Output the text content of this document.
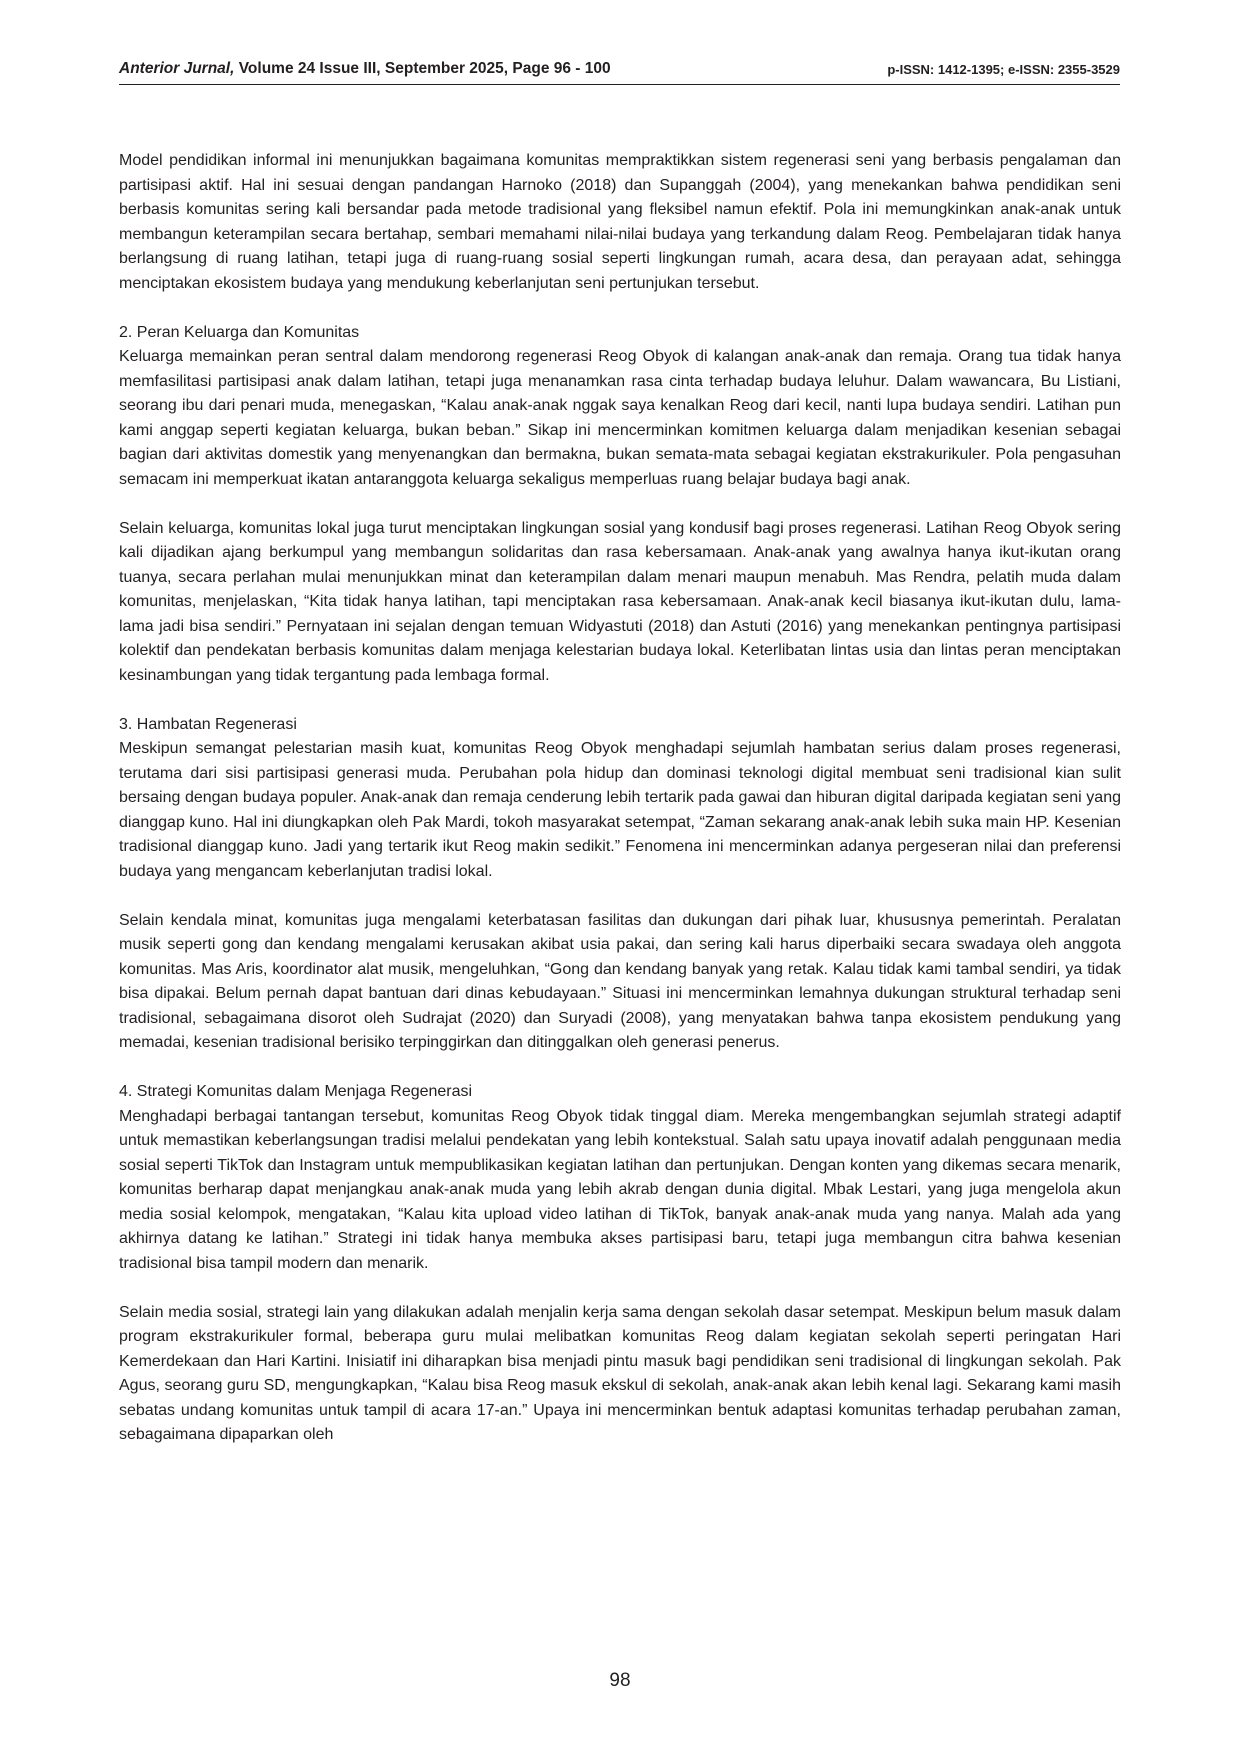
Anterior Jurnal, Volume 24 Issue III, September 2025, Page 96 - 100	p-ISSN: 1412-1395; e-ISSN: 2355-3529

Model pendidikan informal ini menunjukkan bagaimana komunitas mempraktikkan sistem regenerasi seni yang berbasis pengalaman dan partisipasi aktif. Hal ini sesuai dengan pandangan Harnoko (2018) dan Supanggah (2004), yang menekankan bahwa pendidikan seni berbasis komunitas sering kali bersandar pada metode tradisional yang fleksibel namun efektif. Pola ini memungkinkan anak-anak untuk membangun keterampilan secara bertahap, sembari memahami nilai-nilai budaya yang terkandung dalam Reog. Pembelajaran tidak hanya berlangsung di ruang latihan, tetapi juga di ruang-ruang sosial seperti lingkungan rumah, acara desa, dan perayaan adat, sehingga menciptakan ekosistem budaya yang mendukung keberlanjutan seni pertunjukan tersebut.

2. Peran Keluarga dan Komunitas

Keluarga memainkan peran sentral dalam mendorong regenerasi Reog Obyok di kalangan anak-anak dan remaja. Orang tua tidak hanya memfasilitasi partisipasi anak dalam latihan, tetapi juga menanamkan rasa cinta terhadap budaya leluhur. Dalam wawancara, Bu Listiani, seorang ibu dari penari muda, menegaskan, “Kalau anak-anak nggak saya kenalkan Reog dari kecil, nanti lupa budaya sendiri. Latihan pun kami anggap seperti kegiatan keluarga, bukan beban.” Sikap ini mencerminkan komitmen keluarga dalam menjadikan kesenian sebagai bagian dari aktivitas domestik yang menyenangkan dan bermakna, bukan semata-mata sebagai kegiatan ekstrakurikuler. Pola pengasuhan semacam ini memperkuat ikatan antaranggota keluarga sekaligus memperluas ruang belajar budaya bagi anak.

Selain keluarga, komunitas lokal juga turut menciptakan lingkungan sosial yang kondusif bagi proses regenerasi. Latihan Reog Obyok sering kali dijadikan ajang berkumpul yang membangun solidaritas dan rasa kebersamaan. Anak-anak yang awalnya hanya ikut-ikutan orang tuanya, secara perlahan mulai menunjukkan minat dan keterampilan dalam menari maupun menabuh. Mas Rendra, pelatih muda dalam komunitas, menjelaskan, “Kita tidak hanya latihan, tapi menciptakan rasa kebersamaan. Anak-anak kecil biasanya ikut-ikutan dulu, lama-lama jadi bisa sendiri.” Pernyataan ini sejalan dengan temuan Widyastuti (2018) dan Astuti (2016) yang menekankan pentingnya partisipasi kolektif dan pendekatan berbasis komunitas dalam menjaga kelestarian budaya lokal. Keterlibatan lintas usia dan lintas peran menciptakan kesinambungan yang tidak tergantung pada lembaga formal.

3. Hambatan Regenerasi

Meskipun semangat pelestarian masih kuat, komunitas Reog Obyok menghadapi sejumlah hambatan serius dalam proses regenerasi, terutama dari sisi partisipasi generasi muda. Perubahan pola hidup dan dominasi teknologi digital membuat seni tradisional kian sulit bersaing dengan budaya populer. Anak-anak dan remaja cenderung lebih tertarik pada gawai dan hiburan digital daripada kegiatan seni yang dianggap kuno. Hal ini diungkapkan oleh Pak Mardi, tokoh masyarakat setempat, “Zaman sekarang anak-anak lebih suka main HP. Kesenian tradisional dianggap kuno. Jadi yang tertarik ikut Reog makin sedikit.” Fenomena ini mencerminkan adanya pergeseran nilai dan preferensi budaya yang mengancam keberlanjutan tradisi lokal.

Selain kendala minat, komunitas juga mengalami keterbatasan fasilitas dan dukungan dari pihak luar, khususnya pemerintah. Peralatan musik seperti gong dan kendang mengalami kerusakan akibat usia pakai, dan sering kali harus diperbaiki secara swadaya oleh anggota komunitas. Mas Aris, koordinator alat musik, mengeluhkan, “Gong dan kendang banyak yang retak. Kalau tidak kami tambal sendiri, ya tidak bisa dipakai. Belum pernah dapat bantuan dari dinas kebudayaan.” Situasi ini mencerminkan lemahnya dukungan struktural terhadap seni tradisional, sebagaimana disorot oleh Sudrajat (2020) dan Suryadi (2008), yang menyatakan bahwa tanpa ekosistem pendukung yang memadai, kesenian tradisional berisiko terpinggirkan dan ditinggalkan oleh generasi penerus.

4. Strategi Komunitas dalam Menjaga Regenerasi

Menghadapi berbagai tantangan tersebut, komunitas Reog Obyok tidak tinggal diam. Mereka mengembangkan sejumlah strategi adaptif untuk memastikan keberlangsungan tradisi melalui pendekatan yang lebih kontekstual. Salah satu upaya inovatif adalah penggunaan media sosial seperti TikTok dan Instagram untuk mempublikasikan kegiatan latihan dan pertunjukan. Dengan konten yang dikemas secara menarik, komunitas berharap dapat menjangkau anak-anak muda yang lebih akrab dengan dunia digital. Mbak Lestari, yang juga mengelola akun media sosial kelompok, mengatakan, “Kalau kita upload video latihan di TikTok, banyak anak-anak muda yang nanya. Malah ada yang akhirnya datang ke latihan.” Strategi ini tidak hanya membuka akses partisipasi baru, tetapi juga membangun citra bahwa kesenian tradisional bisa tampil modern dan menarik.

Selain media sosial, strategi lain yang dilakukan adalah menjalin kerja sama dengan sekolah dasar setempat. Meskipun belum masuk dalam program ekstrakurikuler formal, beberapa guru mulai melibatkan komunitas Reog dalam kegiatan sekolah seperti peringatan Hari Kemerdekaan dan Hari Kartini. Inisiatif ini diharapkan bisa menjadi pintu masuk bagi pendidikan seni tradisional di lingkungan sekolah. Pak Agus, seorang guru SD, mengungkapkan, “Kalau bisa Reog masuk ekskul di sekolah, anak-anak akan lebih kenal lagi. Sekarang kami masih sebatas undang komunitas untuk tampil di acara 17-an.” Upaya ini mencerminkan bentuk adaptasi komunitas terhadap perubahan zaman, sebagaimana dipaparkan oleh

98
